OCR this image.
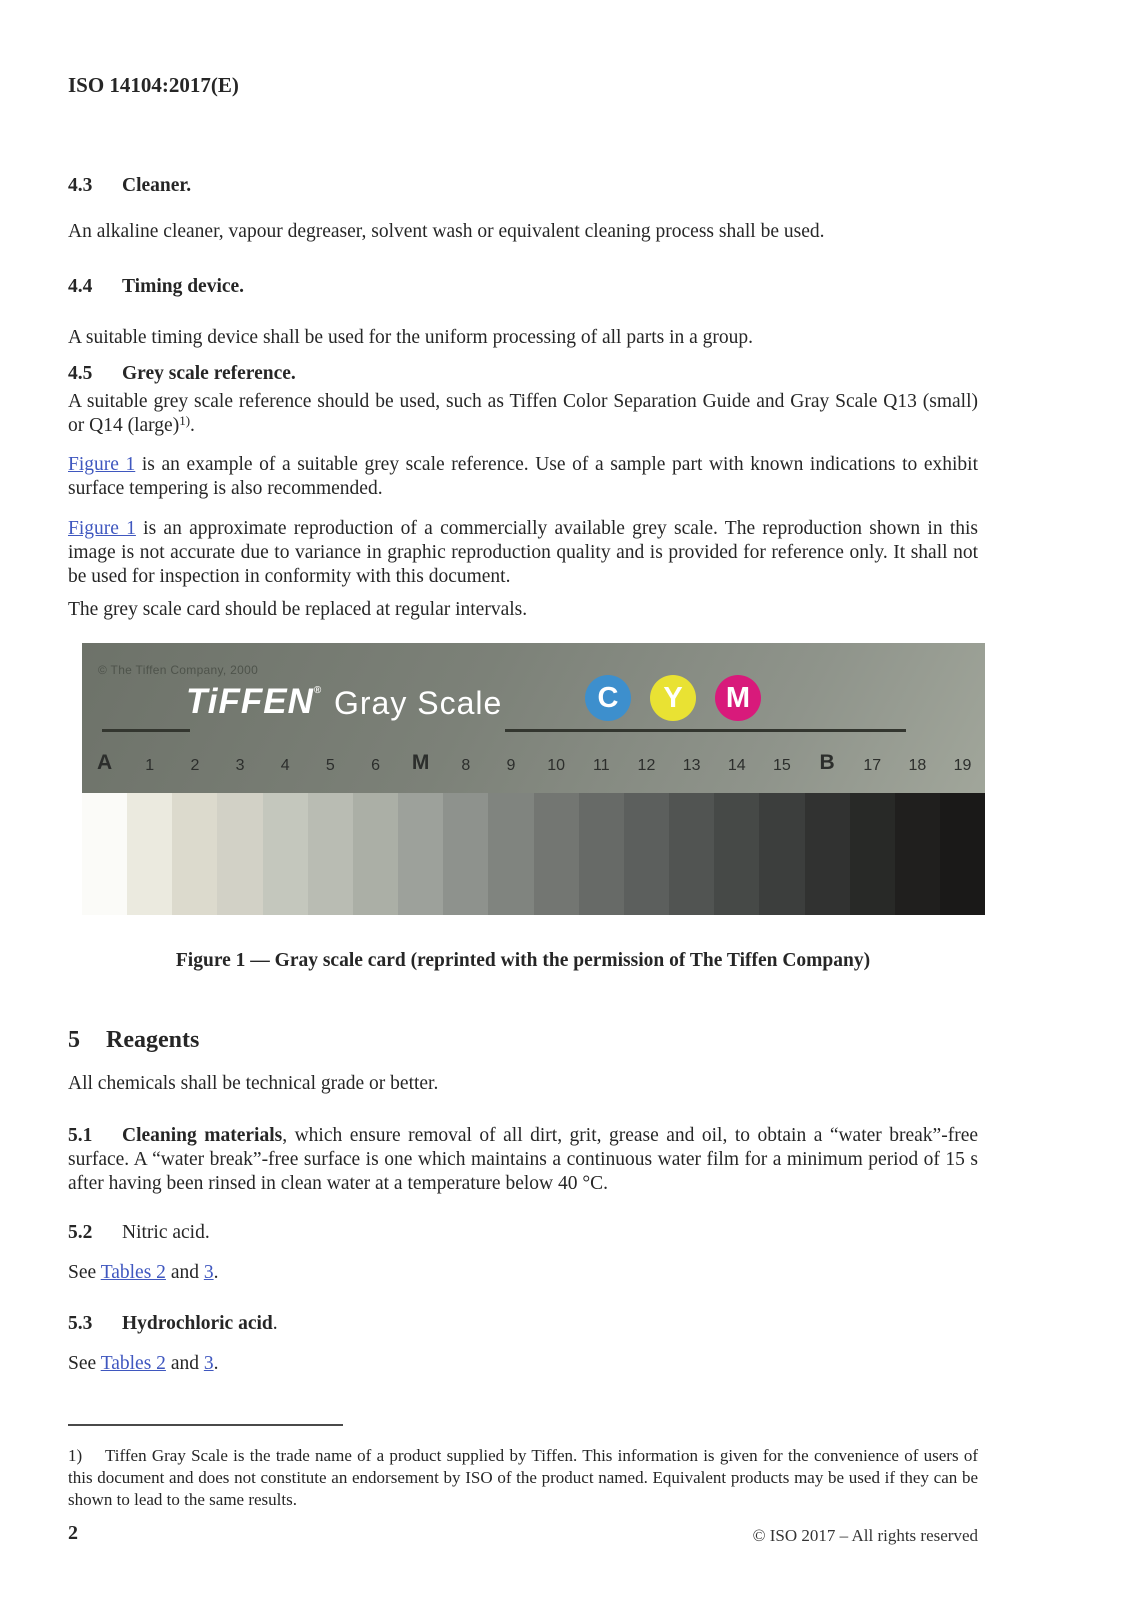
ISO 14104:2017(E)
4.3 Cleaner.
An alkaline cleaner, vapour degreaser, solvent wash or equivalent cleaning process shall be used.
4.4 Timing device.
A suitable timing device shall be used for the uniform processing of all parts in a group.
4.5 Grey scale reference.
A suitable grey scale reference should be used, such as Tiffen Color Separation Guide and Gray Scale Q13 (small) or Q14 (large)$^{1)}$.
Figure 1 is an example of a suitable grey scale reference. Use of a sample part with known indications to exhibit surface tempering is also recommended.
Figure 1 is an approximate reproduction of a commercially available grey scale. The reproduction shown in this image is not accurate due to variance in graphic reproduction quality and is provided for reference only. It shall not be used for inspection in conformity with this document.
The grey scale card should be replaced at regular intervals.
© The Tiffen Company, 2000
TiFFEN® Gray Scale	C	Y	M
A	1	2	3	4	5	6	M	8	9	10	11	12	13	14	15	B	17	18	19
Figure 1 — Gray scale card (reprinted with the permission of The Tiffen Company)
5 Reagents
All chemicals shall be technical grade or better.
5.1 Cleaning materials, which ensure removal of all dirt, grit, grease and oil, to obtain a “water break”-free surface. A “water break”-free surface is one which maintains a continuous water film for a minimum period of 15 s after having been rinsed in clean water at a temperature below 40 °C.
5.2 Nitric acid.
See Tables 2 and 3.
5.3 Hydrochloric acid.
See Tables 2 and 3.
1) Tiffen Gray Scale is the trade name of a product supplied by Tiffen. This information is given for the convenience of users of this document and does not constitute an endorsement by ISO of the product named. Equivalent products may be used if they can be shown to lead to the same results.
2	© ISO 2017 – All rights reserved
